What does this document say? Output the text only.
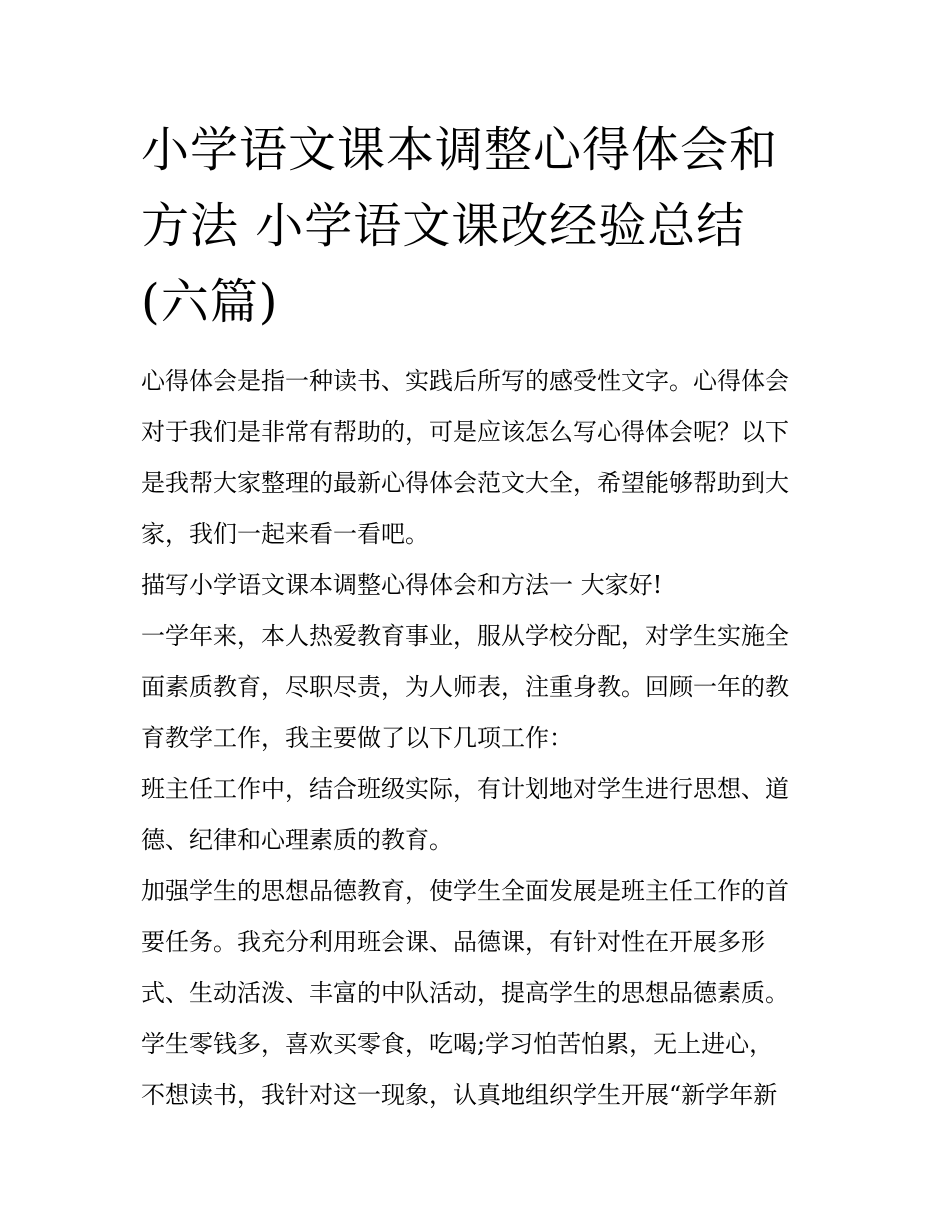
小学语文课本调整心得体会和
方法 小学语文课改经验总结
(六篇)
心得体会是指一种读书、实践后所写的感受性文字。心得体会
对于我们是非常有帮助的，可是应该怎么写心得体会呢？以下
是我帮大家整理的最新心得体会范文大全，希望能够帮助到大
家，我们一起来看一看吧。
描写小学语文课本调整心得体会和方法一 大家好!
一学年来，本人热爱教育事业，服从学校分配，对学生实施全
面素质教育，尽职尽责，为人师表，注重身教。回顾一年的教
育教学工作，我主要做了以下几项工作：
班主任工作中，结合班级实际，有计划地对学生进行思想、道
德、纪律和心理素质的教育。
加强学生的思想品德教育，使学生全面发展是班主任工作的首
要任务。我充分利用班会课、品德课，有针对性在开展多形
式、生动活泼、丰富的中队活动，提高学生的思想品德素质。
学生零钱多，喜欢买零食，吃喝;学习怕苦怕累，无上进心，
不想读书，我针对这一现象，认真地组织学生开展“新学年新
